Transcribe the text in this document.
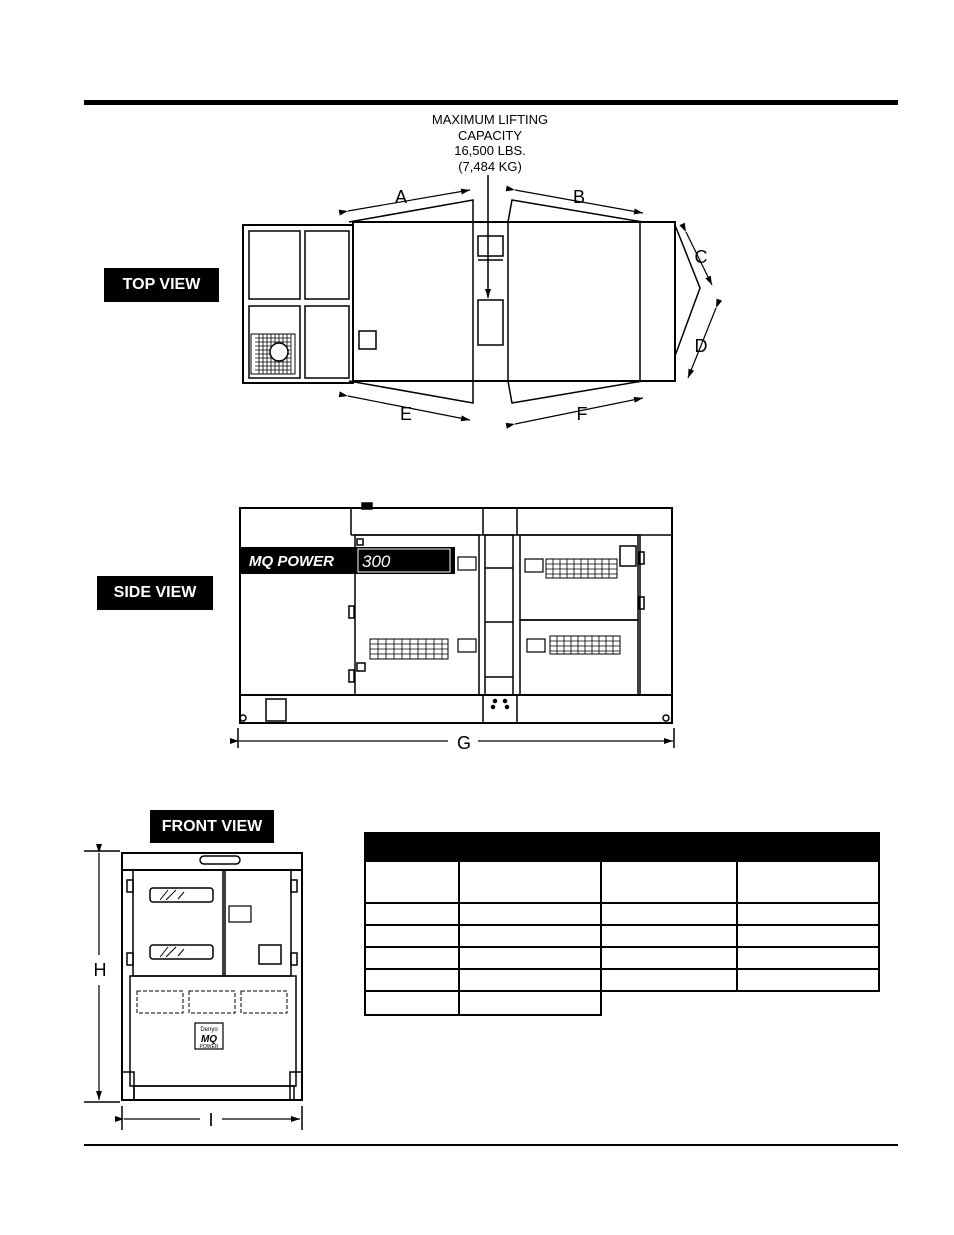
MAXIMUM LIFTING
CAPACITY
16,500 LBS.
(7,484 KG)
TOP VIEW
SIDE VIEW
FRONT VIEW
A	B
C
D
E	F
MQ POWER 300
G
Denyo
MQ
POWER
H
I
